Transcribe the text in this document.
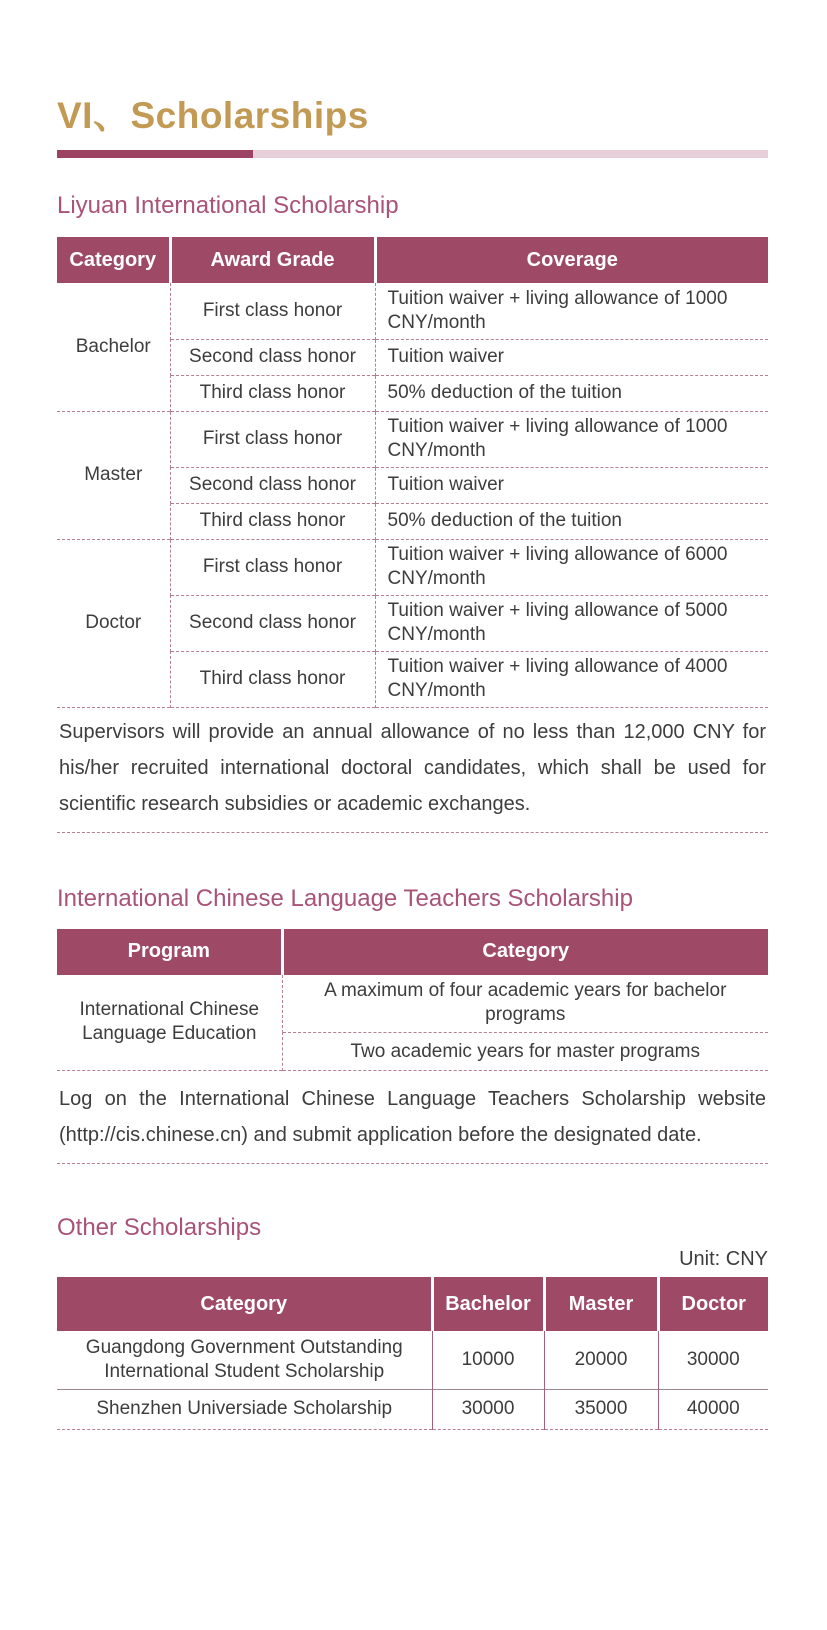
VI、Scholarships
Liyuan International Scholarship
Category	Award Grade	Coverage
Bachelor	First class honor	Tuition waiver + living allowance of 1000 CNY/month
	Second class honor	Tuition waiver
	Third class honor	50% deduction of the tuition
Master	First class honor	Tuition waiver + living allowance of 1000 CNY/month
	Second class honor	Tuition waiver
	Third class honor	50% deduction of the tuition
Doctor	First class honor	Tuition waiver + living allowance of 6000 CNY/month
	Second class honor	Tuition waiver + living allowance of 5000 CNY/month
	Third class honor	Tuition waiver + living allowance of 4000 CNY/month

Supervisors will provide an annual allowance of no less than 12,000 CNY for his/her recruited international doctoral candidates, which shall be used for scientific research subsidies or academic exchanges.

International Chinese Language Teachers Scholarship
Program	Category
International Chinese Language Education	A maximum of four academic years for bachelor programs
	Two academic years for master programs

Log on the International Chinese Language Teachers Scholarship website (http://cis.chinese.cn) and submit application before the designated date.

Other Scholarships
Unit: CNY
Category	Bachelor	Master	Doctor
Guangdong Government Outstanding International Student Scholarship	10000	20000	30000
Shenzhen Universiade Scholarship	30000	35000	40000
